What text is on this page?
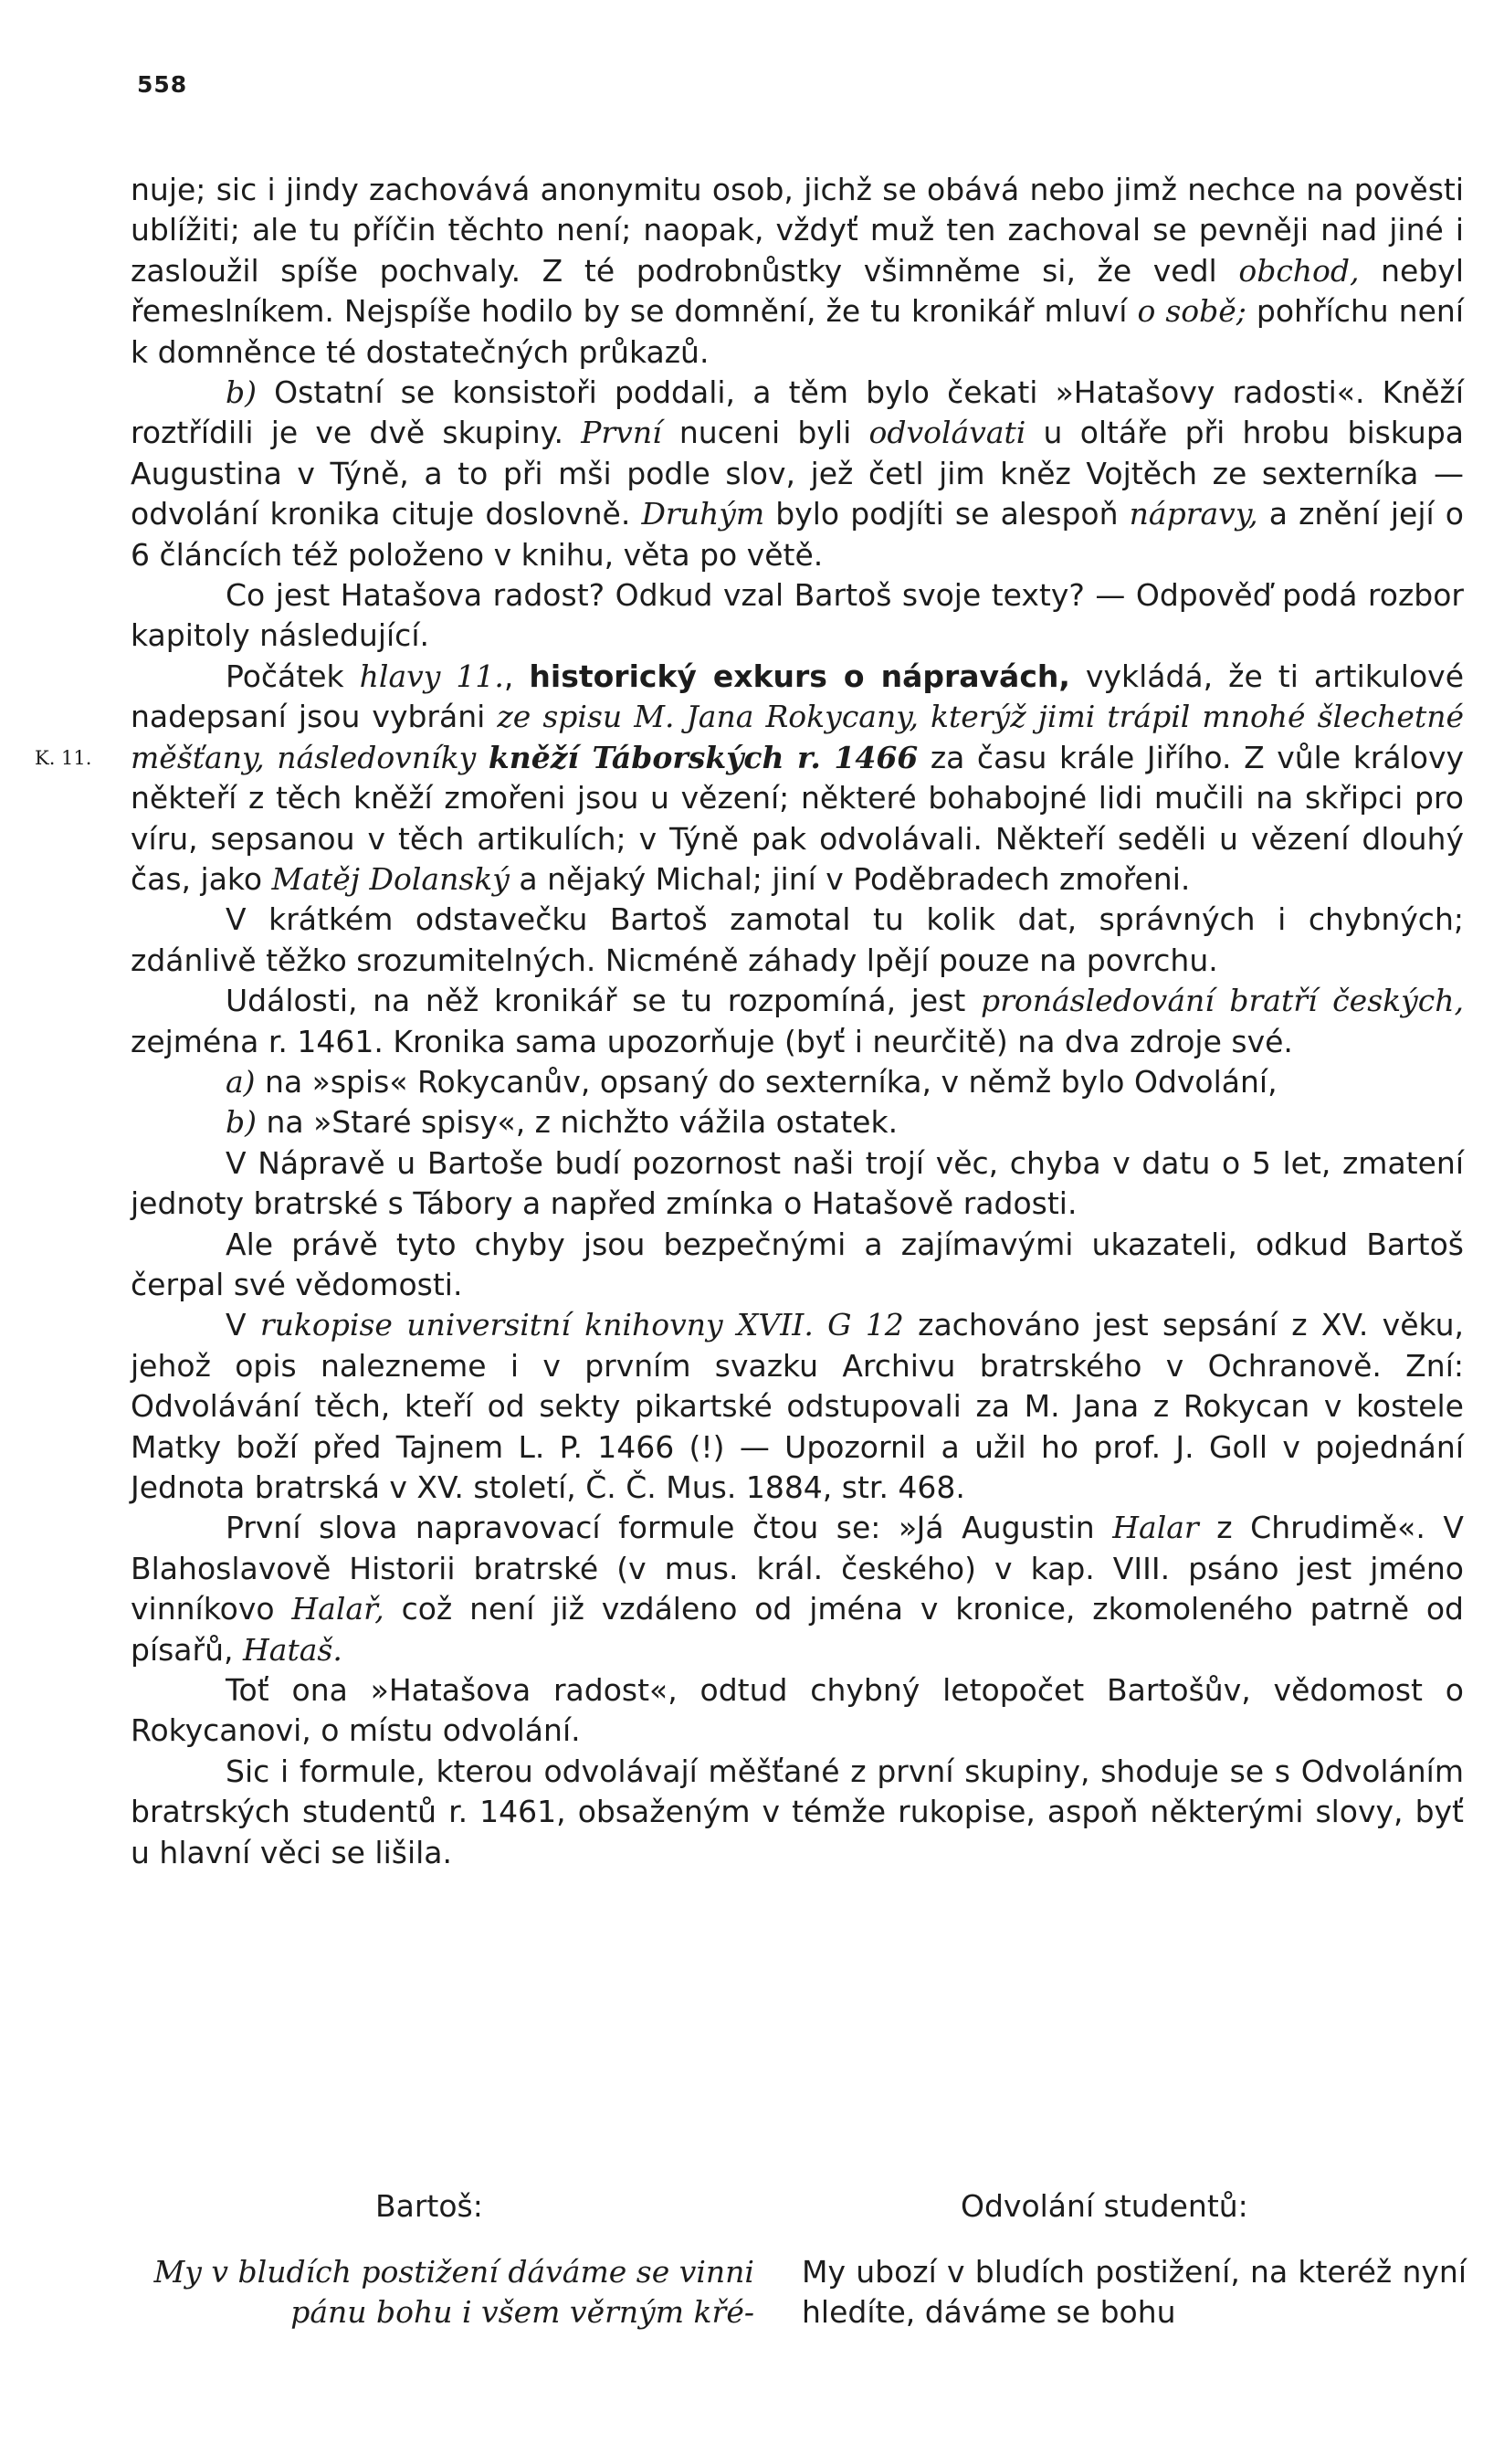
558
K. 11.

nuje; sic i jindy zachovává anonymitu osob, jichž se obává nebo jimž nechce na pověsti ublížiti; ale tu příčin těchto není; naopak, vždyť muž ten zachoval se pevněji nad jiné i zasloužil spíše pochvaly. Z té podrobnůstky všimněme si, že vedl obchod, nebyl řemeslníkem. Nejspíše hodilo by se domnění, že tu kronikář mluví o sobě; pohříchu není k domněnce té dostatečných průkazů.

b) Ostatní se konsistoři poddali, a těm bylo čekati »Hatašovy radosti«. Kněží roztřídili je ve dvě skupiny. První nuceni byli odvolávati u oltáře při hrobu biskupa Augustina v Týně, a to při mši podle slov, jež četl jim kněz Vojtěch ze sexterníka — odvolání kronika cituje doslovně. Druhým bylo podjíti se alespoň nápravy, a znění její o 6 článcích též položeno v knihu, věta po větě.

Co jest Hatašova radost? Odkud vzal Bartoš svoje texty? — Odpověď podá rozbor kapitoly následující.

Počátek hlavy 11., historický exkurs o nápravách, vykládá, že ti artikulové nadepsaní jsou vybráni ze spisu M. Jana Rokycany, kterýž jimi trápil mnohé šlechetné měšťany, následovníky kněží Táborských r. 1466 za času krále Jiřího. Z vůle královy někteří z těch kněží zmořeni jsou u vězení; některé bohabojné lidi mučili na skřipci pro víru, sepsanou v těch artikulích; v Týně pak odvolávali. Někteří seděli u vězení dlouhý čas, jako Matěj Dolanský a nějaký Michal; jiní v Poděbradech zmořeni.

V krátkém odstavečku Bartoš zamotal tu kolik dat, správných i chybných; zdánlivě těžko srozumitelných. Nicméně záhady lpějí pouze na povrchu.

Události, na něž kronikář se tu rozpomíná, jest pronásledování bratří českých, zejména r. 1461. Kronika sama upozorňuje (byť i neurčitě) na dva zdroje své.

a) na »spis« Rokycanův, opsaný do sexterníka, v němž bylo Odvolání,

b) na »Staré spisy«, z nichžto vážila ostatek.

V Nápravě u Bartoše budí pozornost naši trojí věc, chyba v datu o 5 let, zmatení jednoty bratrské s Tábory a napřed zmínka o Hatašově radosti.

Ale právě tyto chyby jsou bezpečnými a zajímavými ukazateli, odkud Bartoš čerpal své vědomosti.

V rukopise universitní knihovny XVII. G 12 zachováno jest sepsání z XV. věku, jehož opis nalezneme i v prvním svazku Archivu bratrského v Ochranově. Zní: Odvolávání těch, kteří od sekty pikartské odstupovali za M. Jana z Rokycan v kostele Matky boží před Tajnem L. P. 1466 (!) — Upozornil a užil ho prof. J. Goll v pojednání Jednota bratrská v XV. století, Č. Č. Mus. 1884, str. 468.

První slova napravovací formule čtou se: »Já Augustin Halar z Chrudimě«. V Blahoslavově Historii bratrské (v mus. král. českého) v kap. VIII. psáno jest jméno vinníkovo Halař, což není již vzdáleno od jména v kronice, zkomoleného patrně od písařů, Hataš.

Toť ona »Hatašova radost«, odtud chybný letopočet Bartošův, vědomost o Rokycanovi, o místu odvolání.

Sic i formule, kterou odvolávají měšťané z první skupiny, shoduje se s Odvoláním bratrských studentů r. 1461, obsaženým v témže rukopise, aspoň některými slovy, byť u hlavní věci se lišila.

Bartoš:	Odvolání studentů:
My v bludích postižení dáváme se vinni pánu bohu i všem věrným křé-
My ubozí v bludích postižení, na kteréž nyní hledíte, dáváme se bohu
